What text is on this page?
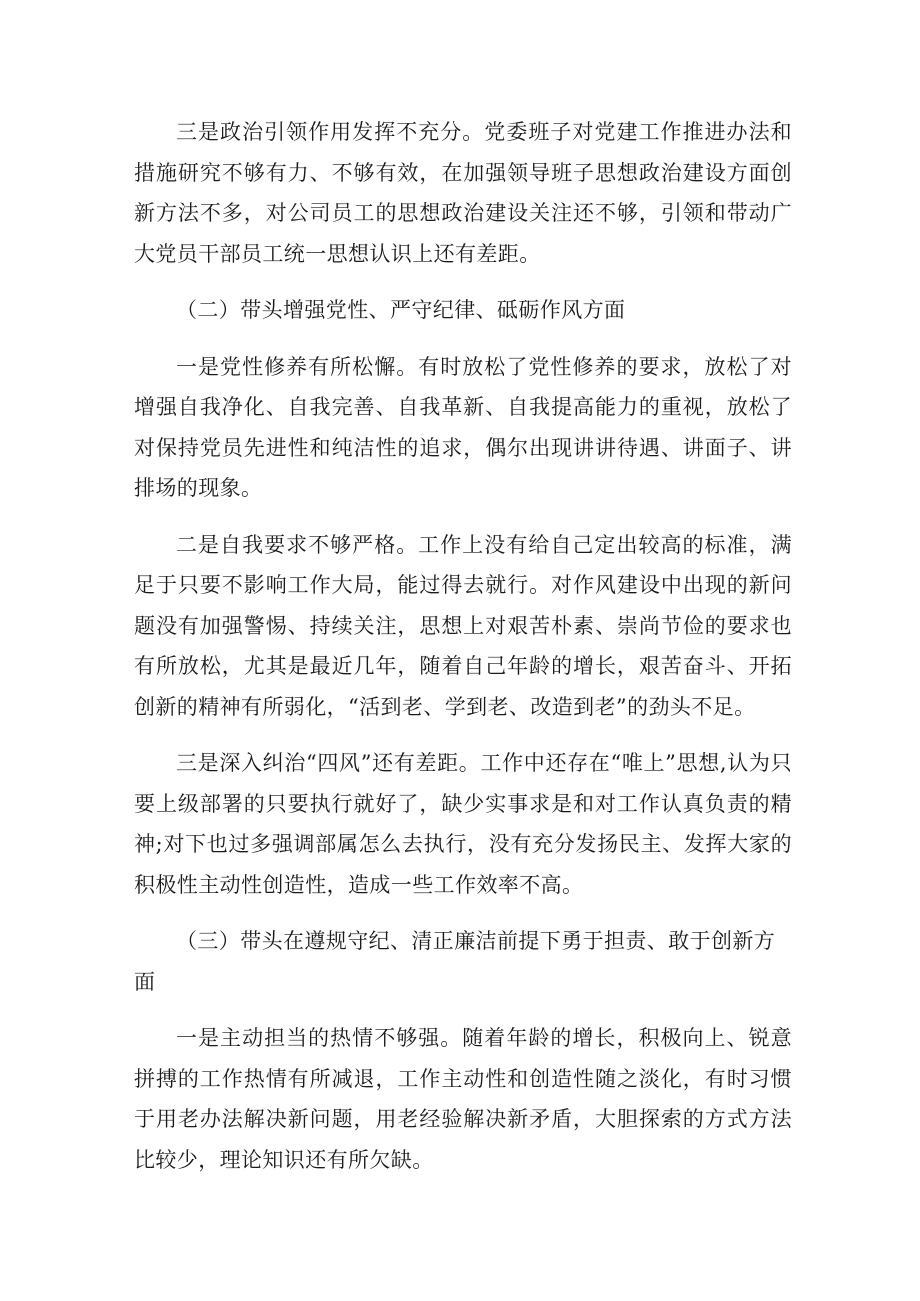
三是政治引领作用发挥不充分。党委班子对党建工作推进办法和措施研究不够有力、不够有效，在加强领导班子思想政治建设方面创新方法不多，对公司员工的思想政治建设关注还不够，引领和带动广大党员干部员工统一思想认识上还有差距。

（二）带头增强党性、严守纪律、砥砺作风方面

一是党性修养有所松懈。有时放松了党性修养的要求，放松了对增强自我净化、自我完善、自我革新、自我提高能力的重视，放松了对保持党员先进性和纯洁性的追求，偶尔出现讲讲待遇、讲面子、讲排场的现象。

二是自我要求不够严格。工作上没有给自己定出较高的标准，满足于只要不影响工作大局，能过得去就行。对作风建设中出现的新问题没有加强警惕、持续关注，思想上对艰苦朴素、崇尚节俭的要求也有所放松，尤其是最近几年，随着自己年龄的增长，艰苦奋斗、开拓创新的精神有所弱化，“活到老、学到老、改造到老”的劲头不足。

三是深入纠治“四风”还有差距。工作中还存在“唯上”思想,认为只要上级部署的只要执行就好了，缺少实事求是和对工作认真负责的精神;对下也过多强调部属怎么去执行，没有充分发扬民主、发挥大家的积极性主动性创造性，造成一些工作效率不高。

（三）带头在遵规守纪、清正廉洁前提下勇于担责、敢于创新方面

一是主动担当的热情不够强。随着年龄的增长，积极向上、锐意拼搏的工作热情有所减退，工作主动性和创造性随之淡化，有时习惯于用老办法解决新问题，用老经验解决新矛盾，大胆探索的方式方法比较少，理论知识还有所欠缺。
